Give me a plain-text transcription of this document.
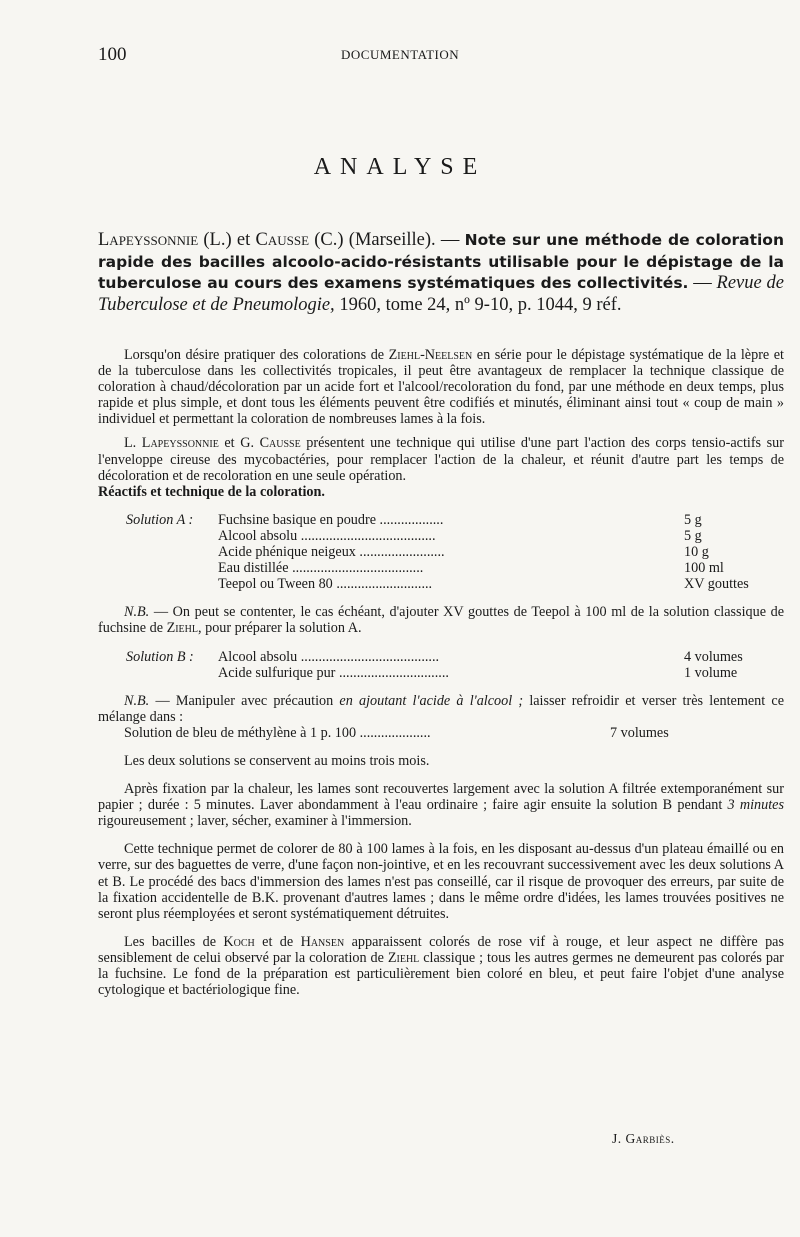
100	DOCUMENTATION
ANALYSE
Lapeyssonnie (L.) et Causse (C.) (Marseille). — Note sur une méthode de coloration rapide des bacilles alcoolo-acido-résistants utilisable pour le dépistage de la tuberculose au cours des examens systématiques des collectivités. — Revue de Tuberculose et de Pneumologie, 1960, tome 24, nº 9-10, p. 1044, 9 réf.

Lorsqu'on désire pratiquer des colorations de Ziehl-Neelsen en série pour le dépistage systématique de la lèpre et de la tuberculose dans les collectivités tropicales, il peut être avantageux de remplacer la technique classique de coloration à chaud/décoloration par un acide fort et l'alcool/recoloration du fond, par une méthode en deux temps, plus rapide et plus simple, et dont tous les éléments peuvent être codifiés et minutés, éliminant ainsi tout « coup de main » individuel et permettant la coloration de nombreuses lames à la fois.

L. Lapeyssonnie et G. Causse présentent une technique qui utilise d'une part l'action des corps tensio-actifs sur l'enveloppe cireuse des mycobactéries, pour remplacer l'action de la chaleur, et réunit d'autre part les temps de décoloration et de recoloration en une seule opération.

Réactifs et technique de la coloration.

Solution A :	Fuchsine basique en poudre ..................	5 g
Alcool absolu ......................................	5 g
Acide phénique neigeux ........................	10 g
Eau distillée .....................................	100 ml
Teepol ou Tween 80 ...........................	XV gouttes

N.B. — On peut se contenter, le cas échéant, d'ajouter XV gouttes de Teepol à 100 ml de la solution classique de fuchsine de Ziehl, pour préparer la solution A.

Solution B :	Alcool absolu .......................................	4 volumes
Acide sulfurique pur ...............................	1 volume

N.B. — Manipuler avec précaution en ajoutant l'acide à l'alcool ; laisser refroidir et verser très lentement ce mélange dans :

Solution de bleu de méthylène à 1 p. 100 ....................	7 volumes

Les deux solutions se conservent au moins trois mois.

Après fixation par la chaleur, les lames sont recouvertes largement avec la solution A filtrée extemporanément sur papier ; durée : 5 minutes. Laver abondamment à l'eau ordinaire ; faire agir ensuite la solution B pendant 3 minutes rigoureusement ; laver, sécher, examiner à l'immersion.

Cette technique permet de colorer de 80 à 100 lames à la fois, en les disposant au-dessus d'un plateau émaillé ou en verre, sur des baguettes de verre, d'une façon non-jointive, et en les recouvrant successivement avec les deux solutions A et B. Le procédé des bacs d'immersion des lames n'est pas conseillé, car il risque de provoquer des erreurs, par suite de la fixation accidentelle de B.K. provenant d'autres lames ; dans le même ordre d'idées, les lames trouvées positives ne seront plus réemployées et seront systématiquement détruites.

Les bacilles de Koch et de Hansen apparaissent colorés de rose vif à rouge, et leur aspect ne diffère pas sensiblement de celui observé par la coloration de Ziehl classique ; tous les autres germes ne demeurent pas colorés par la fuchsine. Le fond de la préparation est particulièrement bien coloré en bleu, et peut faire l'objet d'une analyse cytologique et bactériologique fine.

J. Garbiès.
